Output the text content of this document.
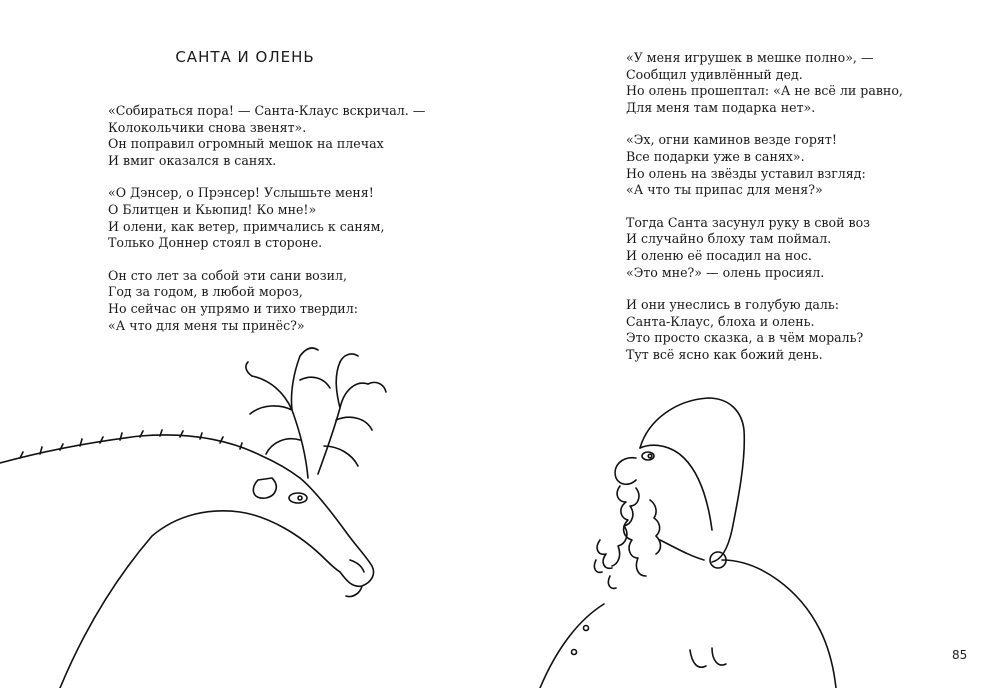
САНТА И ОЛЕНЬ
«Собираться пора! — Санта-Клаус вскричал. —
Колокольчики снова звенят».
Он поправил огромный мешок на плечах
И вмиг оказался в санях.
«О Дэнсер, о Прэнсер! Услышьте меня!
О Блитцен и Кьюпид! Ко мне!»
И олени, как ветер, примчались к саням,
Только Доннер стоял в стороне.
Он сто лет за собой эти сани возил,
Год за годом, в любой мороз,
Но сейчас он упрямо и тихо твердил:
«А что для меня ты принёс?»
«У меня игрушек в мешке полно», —
Сообщил удивлённый дед.
Но олень прошептал: «А не всё ли равно,
Для меня там подарка нет».
«Эх, огни каминов везде горят!
Все подарки уже в санях».
Но олень на звёзды уставил взгляд:
«А что ты припас для меня?»
Тогда Санта засунул руку в свой воз
И случайно блоху там поймал.
И оленю её посадил на нос.
«Это мне?» — олень просиял.
И они унеслись в голубую даль:
Санта-Клаус, блоха и олень.
Это просто сказка, а в чём мораль?
Тут всё ясно как божий день.
85
